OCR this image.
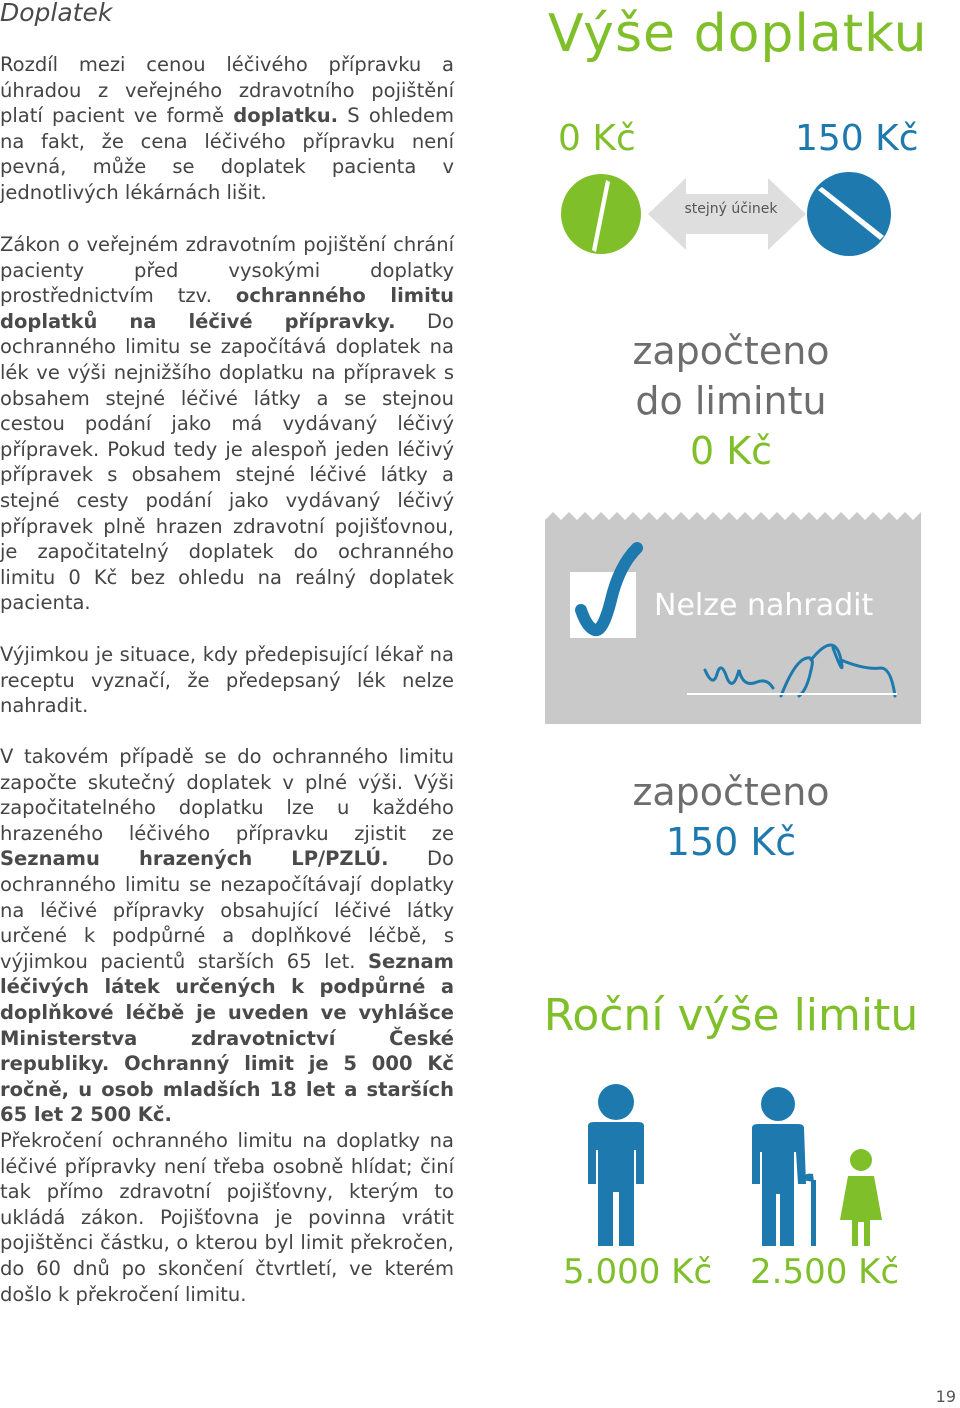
Doplatek

Rozdíl mezi cenou léčivého přípravku a úhradou z veřejného zdravotního pojištění platí pacient ve formě doplatku. S ohledem na fakt, že cena léčivého přípravku není pevná, může se doplatek pacienta v jednotlivých lékárnách lišit.

Zákon o veřejném zdravotním pojištění chrání pacienty před vysokými doplatky prostřednictvím tzv. ochranného limitu doplatků na léčivé přípravky. Do ochranného limitu se započítává doplatek na lék ve výši nejnižšího doplatku na přípravek s obsahem stejné léčivé látky a se stejnou cestou podání jako má vydávaný léčivý přípravek. Pokud tedy je alespoň jeden léčivý přípravek s obsahem stejné léčivé látky a stejné cesty podání jako vydávaný léčivý přípravek plně hrazen zdravotní pojišťovnou, je započitatelný doplatek do ochranného limitu 0 Kč bez ohledu na reálný doplatek pacienta.

Výjimkou je situace, kdy předepisující lékař na receptu vyznačí, že předepsaný lék nelze nahradit.

V takovém případě se do ochranného limitu započte skutečný doplatek v plné výši. Výši započitatelného doplatku lze u každého hrazeného léčivého přípravku zjistit ze Seznamu hrazených LP/PZLÚ. Do ochranného limitu se nezapočítávají doplatky na léčivé přípravky obsahující léčivé látky určené k podpůrné a doplňkové léčbě, s výjimkou pacientů starších 65 let. Seznam léčivých látek určených k podpůrné a doplňkové léčbě je uveden ve vyhlášce Ministerstva zdravotnictví České republiky. Ochranný limit je 5 000 Kč ročně, u osob mladších 18 let a starších 65 let 2 500 Kč.

Překročení ochranného limitu na doplatky na léčivé přípravky není třeba osobně hlídat; činí tak přímo zdravotní pojišťovny, kterým to ukládá zákon. Pojišťovna je povinna vrátit pojištěnci částku, o kterou byl limit překročen, do 60 dnů po skončení čtvrtletí, ve kterém došlo k překročení limitu.

Výše doplatku
0 Kč	150 Kč
stejný účinek
započteno
do limintu
0 Kč
Nelze nahradit
započteno
150 Kč
Roční výše limitu
5.000 Kč 2.500 Kč
19
